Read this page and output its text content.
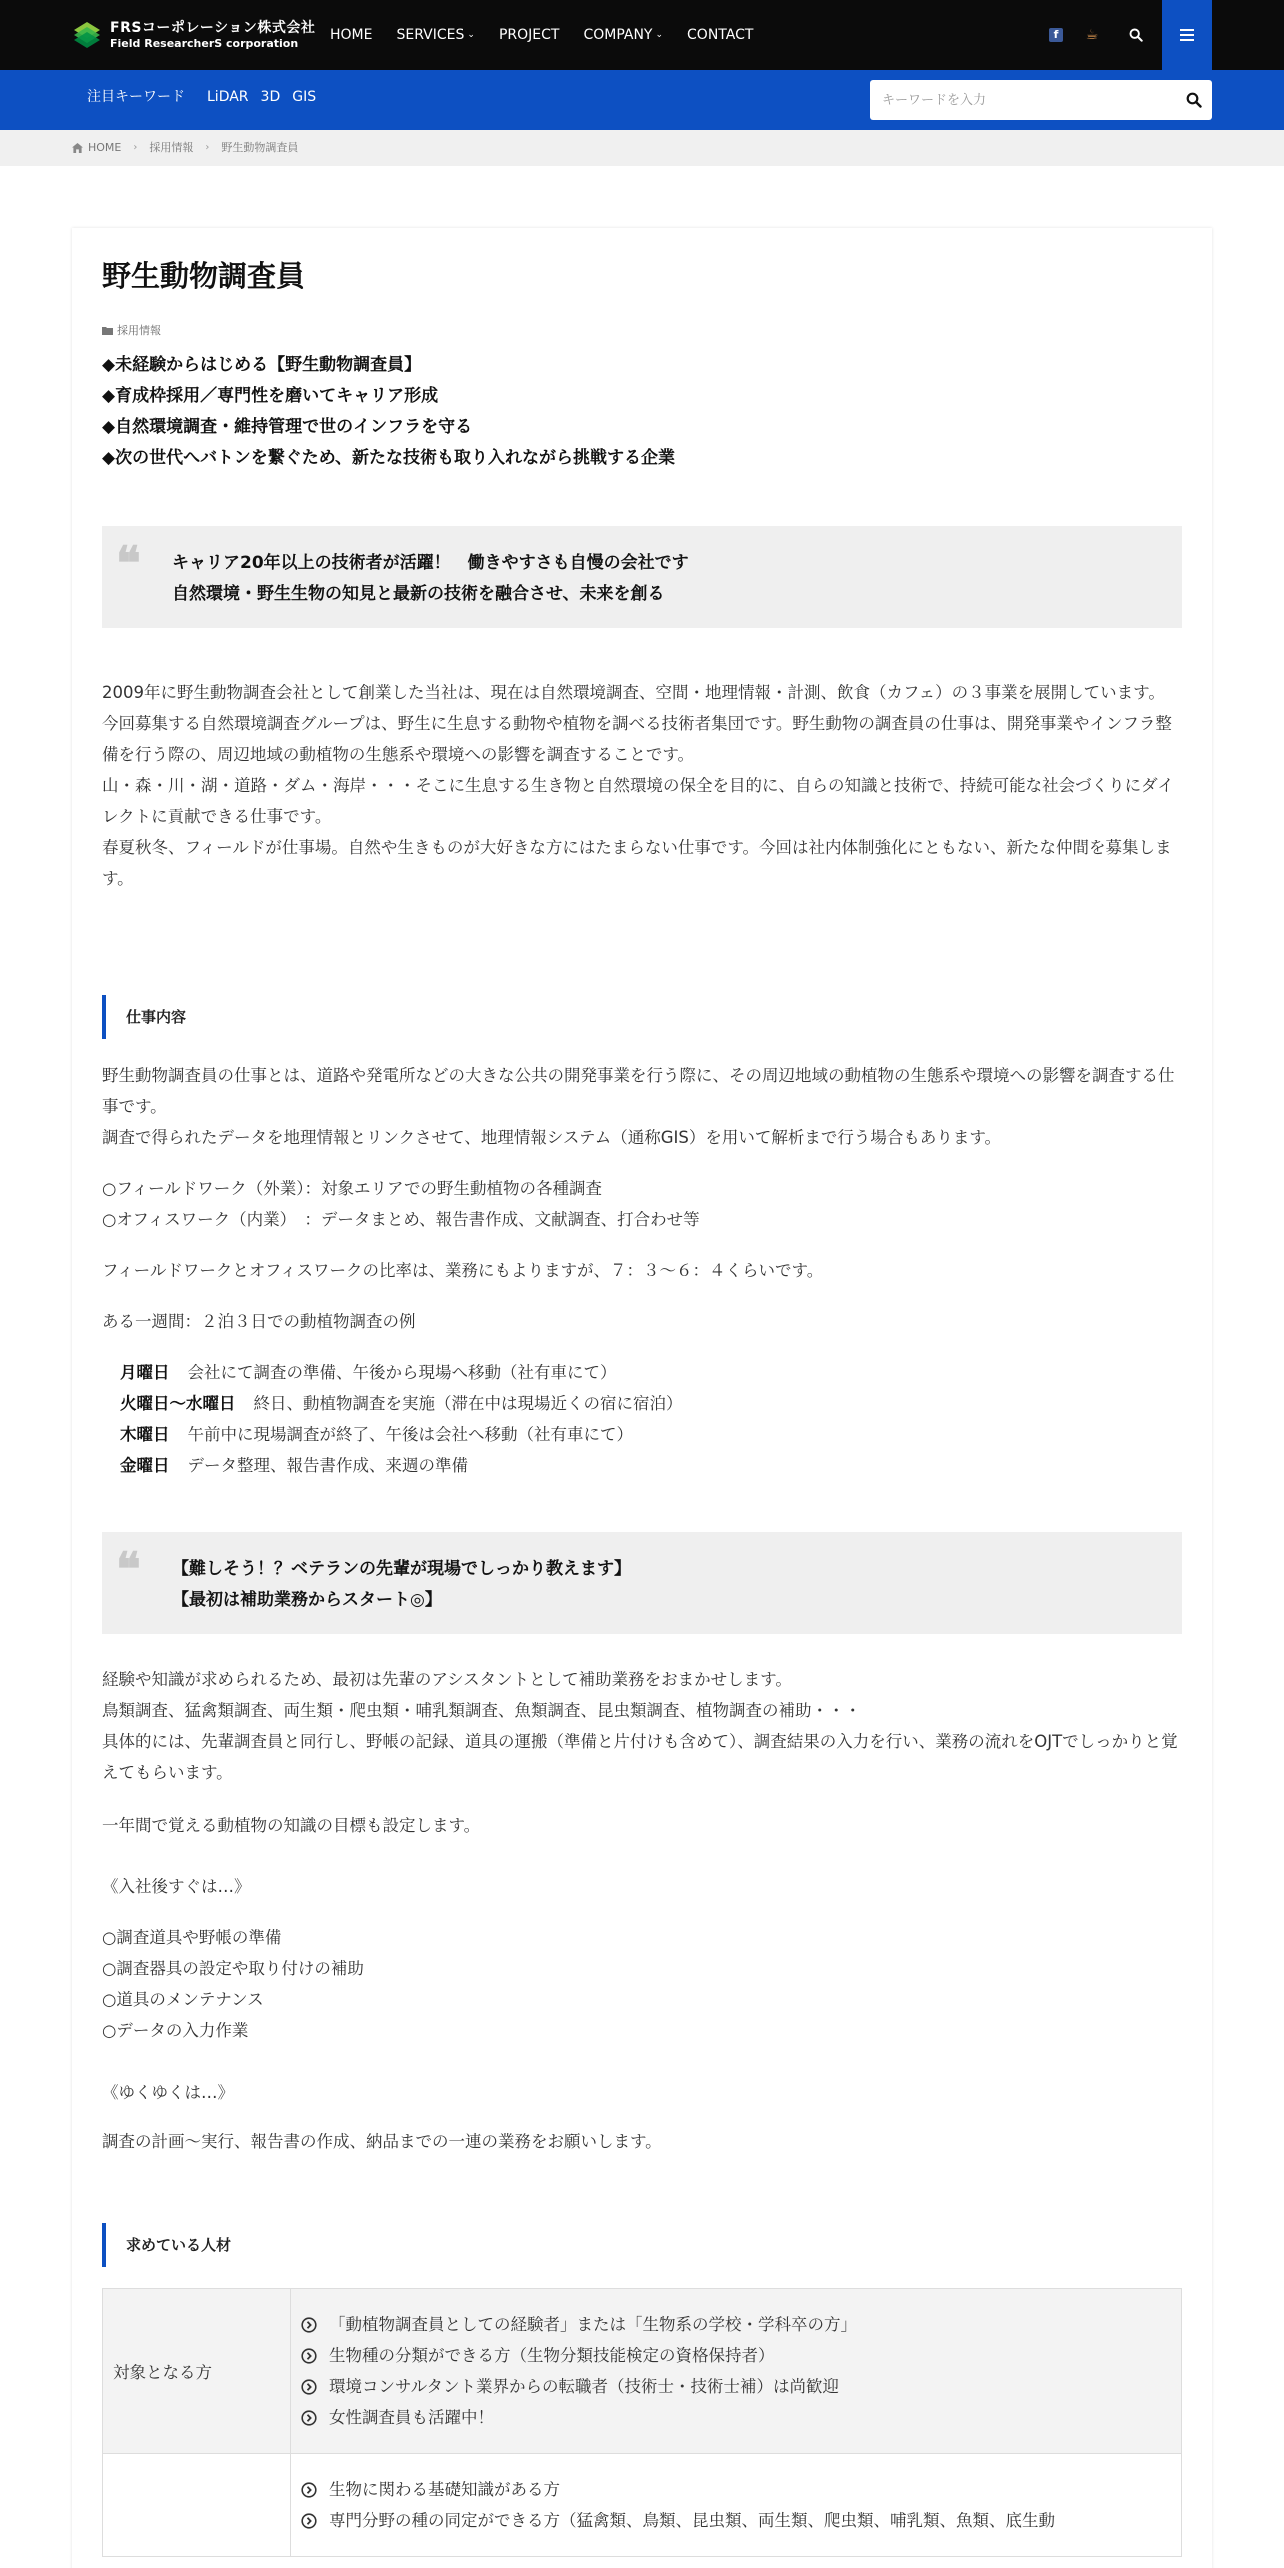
FRSコーポレーション株式会社
Field ResearcherS corporation
HOME SERVICES ⌄ PROJECT COMPANY ⌄ CONTACT	f	☕
注目キーワード LiDAR 3D GIS
キーワードを入力
HOME › 採用情報 › 野生動物調査員
野生動物調査員
採用情報
◆未経験からはじめる【野生動物調査員】
◆育成枠採用／専門性を磨いてキャリア形成
◆自然環境調査・維持管理で世のインフラを守る
◆次の世代へバトンを繋ぐため、新たな技術も取り入れながら挑戦する企業
❝ キャリア20年以上の技術者が活躍！　働きやすさも自慢の会社です
自然環境・野生生物の知見と最新の技術を融合させ、未来を創る
2009年に野生動物調査会社として創業した当社は、現在は自然環境調査、空間・地理情報・計測、飲食（カフェ）の３事業を展開しています。
今回募集する自然環境調査グループは、野生に生息する動物や植物を調べる技術者集団です。野生動物の調査員の仕事は、開発事業やインフラ整備を行う際の、周辺地域の動植物の生態系や環境への影響を調査することです。
山・森・川・湖・道路・ダム・海岸・・・そこに生息する生き物と自然環境の保全を目的に、自らの知識と技術で、持続可能な社会づくりにダイレクトに貢献できる仕事です。
春夏秋冬、フィールドが仕事場。自然や生きものが大好きな方にはたまらない仕事です。今回は社内体制強化にともない、新たな仲間を募集します。
仕事内容
野生動物調査員の仕事とは、道路や発電所などの大きな公共の開発事業を行う際に、その周辺地域の動植物の生態系や環境への影響を調査する仕事です。
調査で得られたデータを地理情報とリンクさせて、地理情報システム（通称GIS）を用いて解析まで行う場合もあります。
○フィールドワーク（外業）：対象エリアでの野生動植物の各種調査
○オフィスワーク（内業）　：データまとめ、報告書作成、文献調査、打合わせ等
フィールドワークとオフィスワークの比率は、業務にもよりますが、７：３～６：４くらいです。
ある一週間：２泊３日での動植物調査の例
月曜日 会社にて調査の準備、午後から現場へ移動（社有車にて）
火曜日～水曜日 終日、動植物調査を実施（滞在中は現場近くの宿に宿泊）
木曜日 午前中に現場調査が終了、午後は会社へ移動（社有車にて）
金曜日 データ整理、報告書作成、来週の準備
❝ 【難しそう！？ベテランの先輩が現場でしっかり教えます】
【最初は補助業務からスタート◎】
経験や知識が求められるため、最初は先輩のアシスタントとして補助業務をおまかせします。
鳥類調査、猛禽類調査、両生類・爬虫類・哺乳類調査、魚類調査、昆虫類調査、植物調査の補助・・・
具体的には、先輩調査員と同行し、野帳の記録、道具の運搬（準備と片付けも含めて）、調査結果の入力を行い、業務の流れをOJTでしっかりと覚えてもらいます。
一年間で覚える動植物の知識の目標も設定します。
《入社後すぐは…》
○調査道具や野帳の準備
○調査器具の設定や取り付けの補助
○道具のメンテナンス
○データの入力作業
《ゆくゆくは…》
調査の計画～実行、報告書の作成、納品までの一連の業務をお願いします。
求めている人材
対象となる方	「動植物調査員としての経験者」または「生物系の学校・学科卒の方」
生物種の分類ができる方（生物分類技能検定の資格保持者）
環境コンサルタント業界からの転職者（技術士・技術士補）は尚歓迎
女性調査員も活躍中！

	生物に関わる基礎知識がある方
専門分野の種の同定ができる方（猛禽類、鳥類、昆虫類、両生類、爬虫類、哺乳類、魚類、底生動
